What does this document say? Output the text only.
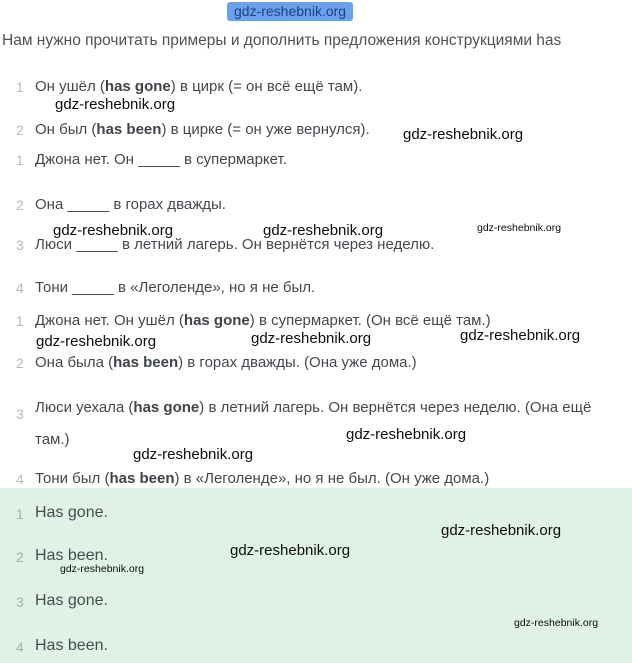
gdz-reshebnik.org
Нам нужно прочитать примеры и дополнить предложения конструкциями has
1 Он ушёл (has gone) в цирк (= он всё ещё там).
2 Он был (has been) в цирке (= он уже вернулся).
1 Джона нет. Он _____ в супермаркет.
2 Она _____ в горах дважды.
3 Люси _____ в летний лагерь. Он вернётся через неделю.
4 Тони _____ в «Леголенде», но я не был.
1 Джона нет. Он ушёл (has gone) в супермаркет. (Он всё ещё там.)
2 Она была (has been) в горах дважды. (Она уже дома.)
3 Люси уехала (has gone) в летний лагерь. Он вернётся через неделю. (Она ещё там.)
4 Тони был (has been) в «Леголенде», но я не был. (Он уже дома.)
1 Has gone.
2 Has been.
3 Has gone.
4 Has been.
gdz-reshebnik.org
gdz-reshebnik.org
gdz-reshebnik.org	gdz-reshebnik.org	gdz-reshebnik.org
gdz-reshebnik.org	gdz-reshebnik.org	gdz-reshebnik.org
gdz-reshebnik.org
gdz-reshebnik.org
gdz-reshebnik.org
gdz-reshebnik.org
gdz-reshebnik.org
gdz-reshebnik.org
